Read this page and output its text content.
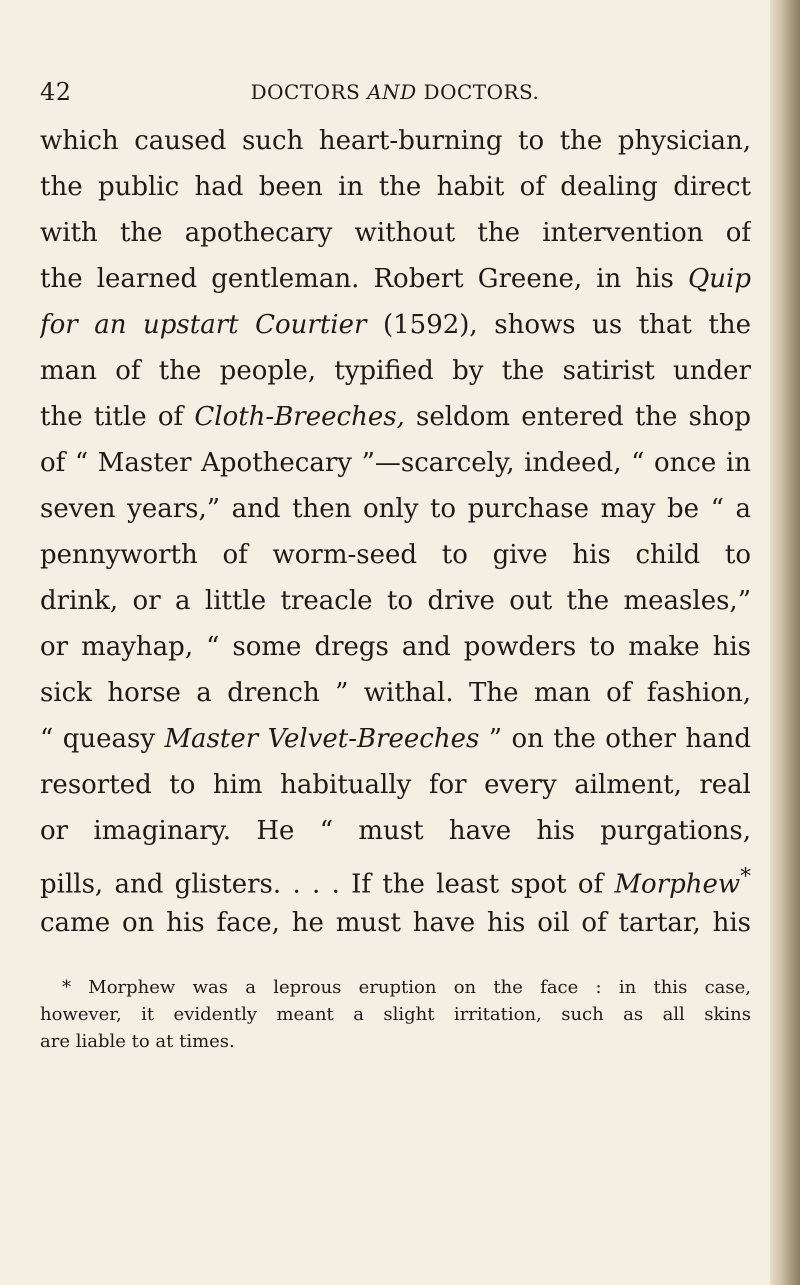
42	DOCTORS AND DOCTORS.
which caused such heart-burning to the physician,
the public had been in the habit of dealing direct
with the apothecary without the intervention of
the learned gentleman. Robert Greene, in his Quip
for an upstart Courtier (1592), shows us that the
man of the people, typified by the satirist under
the title of Cloth-Breeches, seldom entered the shop
of “ Master Apothecary ”—scarcely, indeed, “ once in
seven years,” and then only to purchase may be “ a
pennyworth of worm-seed to give his child to
drink, or a little treacle to drive out the measles,”
or mayhap, “ some dregs and powders to make his
sick horse a drench ” withal. The man of fashion,
“ queasy Master Velvet-Breeches ” on the other hand
resorted to him habitually for every ailment, real
or imaginary. He “ must have his purgations,
pills, and glisters. . . . If the least spot of Morphew*
came on his face, he must have his oil of tartar, his
* Morphew was a leprous eruption on the face : in this case,
however, it evidently meant a slight irritation, such as all skins
are liable to at times.
